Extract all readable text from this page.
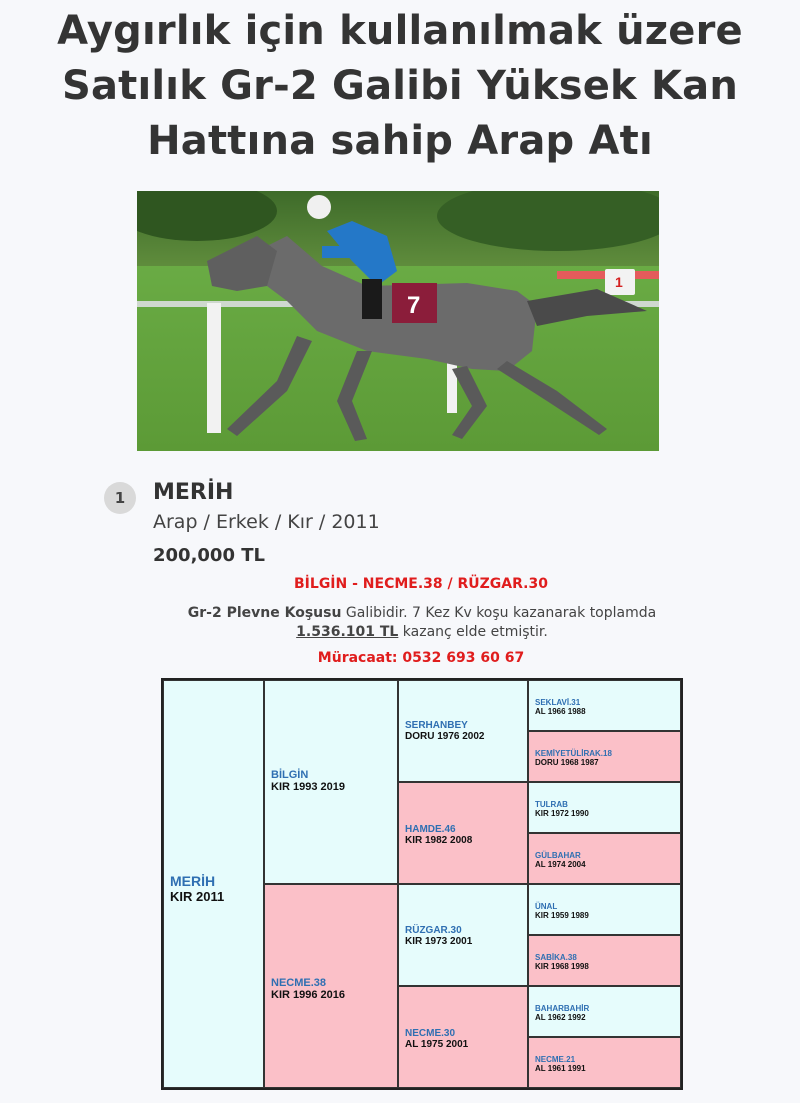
Aygırlık için kullanılmak üzere
Satılık Gr-2 Galibi Yüksek Kan
Hattına sahip Arap Atı
1
7
1	MERİH
Arap / Erkek / Kır / 2011
200,000 TL
BİLGİN - NECME.38 / RÜZGAR.30
Gr-2 Plevne Koşusu Galibidir. 7 Kez Kv koşu kazanarak toplamda
1.536.101 TL kazanç elde etmiştir.
Müracaat: 0532 693 60 67
MERİH
KIR 2011
BİLGİN
KIR 1993 2019
NECME.38
KIR 1996 2016
SERHANBEY
DORU 1976 2002
HAMDE.46
KIR 1982 2008
RÜZGAR.30
KIR 1973 2001
NECME.30
AL 1975 2001
SEKLAVİ.31
AL 1966 1988
KEMİYETÜLİRAK.18
DORU 1968 1987
TULRAB
KIR 1972 1990
GÜLBAHAR
AL 1974 2004
ÜNAL
KIR 1959 1989
SABİKA.38
KIR 1968 1998
BAHARBAHİR
AL 1962 1992
NECME.21
AL 1961 1991
